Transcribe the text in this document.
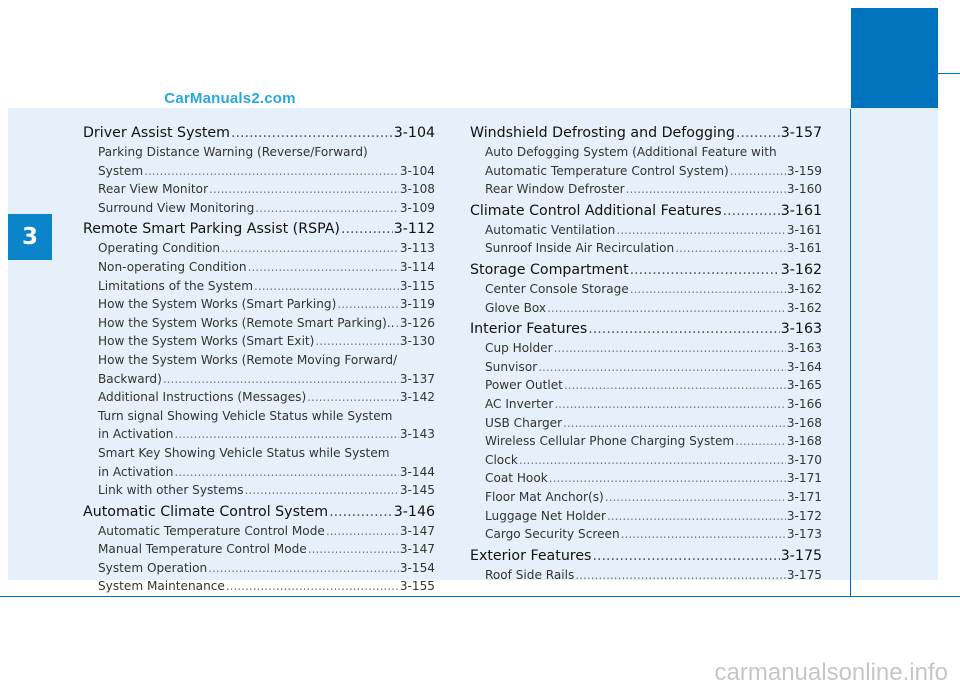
CarManuals2.com
3
Driver Assist System .....	3-104
Parking Distance Warning (Reverse/Forward)
System .....	3-104
Rear View Monitor .....	3-108
Surround View Monitoring .....	3-109
Remote Smart Parking Assist (RSPA) .....	3-112
Operating Condition .....	3-113
Non-operating Condition .....	3-114
Limitations of the System .....	3-115
How the System Works (Smart Parking) .....	3-119
How the System Works (Remote Smart Parking).. ..... 3-126
How the System Works (Smart Exit) .....	3-130
How the System Works (Remote Moving Forward/
Backward) .....	3-137
Additional Instructions (Messages) .....	3-142
Turn signal Showing Vehicle Status while System
in Activation .....	3-143
Smart Key Showing Vehicle Status while System
in Activation .....	3-144
Link with other Systems .....	3-145
Automatic Climate Control System .....	3-146
Automatic Temperature Control Mode .....	3-147
Manual Temperature Control Mode .....	3-147
System Operation .....	3-154
System Maintenance .....	3-155
Windshield Defrosting and Defogging .....	3-157
Auto Defogging System (Additional Feature with
Automatic Temperature Control System) .....	3-159
Rear Window Defroster .....	3-160
Climate Control Additional Features .....	3-161
Automatic Ventilation .....	3-161
Sunroof Inside Air Recirculation .....	3-161
Storage Compartment .....	3-162
Center Console Storage .....	3-162
Glove Box .....	3-162
Interior Features .....	3-163
Cup Holder .....	3-163
Sunvisor .....	3-164
Power Outlet .....	3-165
AC Inverter .....	3-166
USB Charger .....	3-168
Wireless Cellular Phone Charging System .....	3-168
Clock .....	3-170
Coat Hook .....	3-171
Floor Mat Anchor(s) .....	3-171
Luggage Net Holder .....	3-172
Cargo Security Screen .....	3-173
Exterior Features .....	3-175
Roof Side Rails .....	3-175
carmanualsonline.info
